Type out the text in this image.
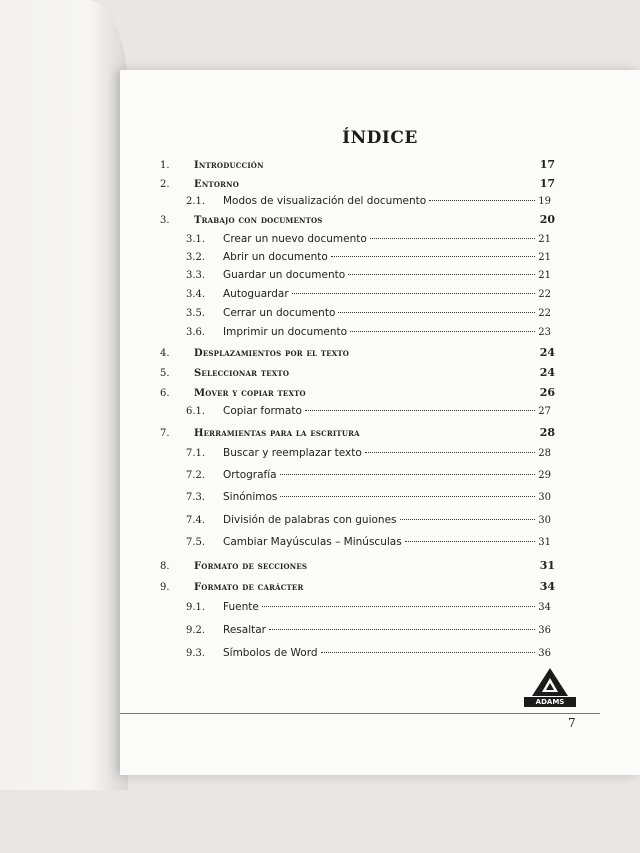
ÍNDICE
1.	Introducción	17
2.	Entorno	17
2.1.	Modos de visualización del documento	19
3.	Trabajo con documentos	20
3.1.	Crear un nuevo documento	21
3.2.	Abrir un documento	21
3.3.	Guardar un documento	21
3.4.	Autoguardar	22
3.5.	Cerrar un documento	22
3.6.	Imprimir un documento	23
4.	Desplazamientos por el texto	24
5.	Seleccionar texto	24
6.	Mover y copiar texto	26
6.1.	Copiar formato	27
7.	Herramientas para la escritura	28
7.1.	Buscar y reemplazar texto	28
7.2.	Ortografía	29
7.3.	Sinónimos	30
7.4.	División de palabras con guiones	30
7.5.	Cambiar Mayúsculas – Minúsculas	31
8.	Formato de secciones	31
9.	Formato de carácter	34
9.1.	Fuente	34
9.2.	Resaltar	36
9.3.	Símbolos de Word	36
ADAMS
7
